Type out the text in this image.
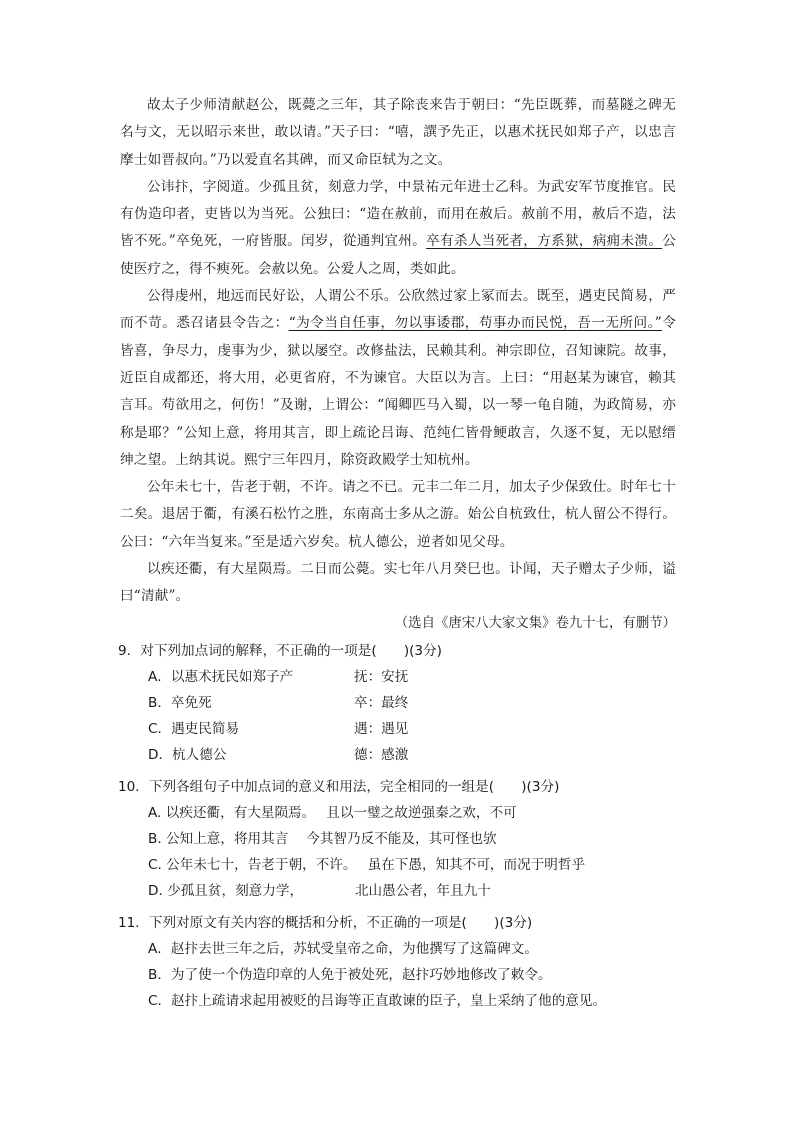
故太子少师清献赵公，既薨之三年，其子除丧来告于朝曰：“先臣既葬，而墓隧之碑无名与文，无以昭示来世，敢以请。”天子曰：“嘻，譔予先正，以惠术抚民如郑子产，以忠言摩士如晋叔向。”乃以爱直名其碑，而又命臣轼为之文。

公讳抃，字阅道。少孤且贫，刻意力学，中景祐元年进士乙科。为武安军节度推官。民有伪造印者，吏皆以为当死。公独曰：“造在赦前，而用在赦后。赦前不用，赦后不造，法皆不死。”卒免死，一府皆服。闰岁，從通判宜州。卒有杀人当死者，方系狱，病痈未溃。公使医疗之，得不瘐死。会赦以免。公爱人之周，类如此。

公得虔州，地远而民好讼，人谓公不乐。公欣然过家上冢而去。既至，遇吏民简易，严而不苛。悉召诸县令告之：“为令当自任事，勿以事诿郡，苟事办而民悦，吾一无所问。”令皆喜，争尽力，虔事为少，狱以屡空。改修盐法，民赖其利。神宗即位，召知谏院。故事，近臣自成都还，将大用，必更省府，不为谏官。大臣以为言。上曰：“用赵某为谏官，赖其言耳。苟欲用之，何伤！”及谢，上谓公：“闻卿匹马入蜀，以一琴一龟自随，为政简易，亦称是耶？”公知上意，将用其言，即上疏论吕诲、范纯仁皆骨鲠敢言，久逐不复，无以慰缙绅之望。上纳其说。熙宁三年四月，除资政殿学士知杭州。

公年未七十，告老于朝，不许。请之不已。元丰二年二月，加太子少保致仕。时年七十二矣。退居于衢，有溪石松竹之胜，东南高士多从之游。始公自杭致仕，杭人留公不得行。公曰：“六年当复来。”至是适六岁矣。杭人德公，逆者如见父母。

以疾还衢，有大星陨焉。二日而公薨。实七年八月癸巳也。讣闻，天子赠太子少师，谥曰“清献”。

（选自《唐宋八大家文集》卷九十七，有删节）

9．对下列加点词的解释，不正确的一项是(　　)(3分)

A．以惠术抚民如郑子产	抚：安抚

B．卒免死	卒：最终

C．遇吏民简易	遇：遇见

D．杭人德公	德：感激

10．下列各组句子中加点词的意义和用法，完全相同的一组是(　　)(3分)

A. 以疾还衢，有大星陨焉。　 且以一璧之故逆强秦之欢，不可

B. 公知上意，将用其言　 今其智乃反不能及，其可怪也欤

C. 公年未七十，告老于朝，不许。　 虽在下愚，知其不可，而况于明哲乎

D. 少孤且贫，刻意力学，　　　　	北山愚公者，年且九十

11．下列对原文有关内容的概括和分析，不正确的一项是(　　)(3分)

A．赵抃去世三年之后，苏轼受皇帝之命，为他撰写了这篇碑文。

B．为了使一个伪造印章的人免于被处死，赵抃巧妙地修改了敕令。

C．赵抃上疏请求起用被贬的吕诲等正直敢谏的臣子，皇上采纳了他的意见。
